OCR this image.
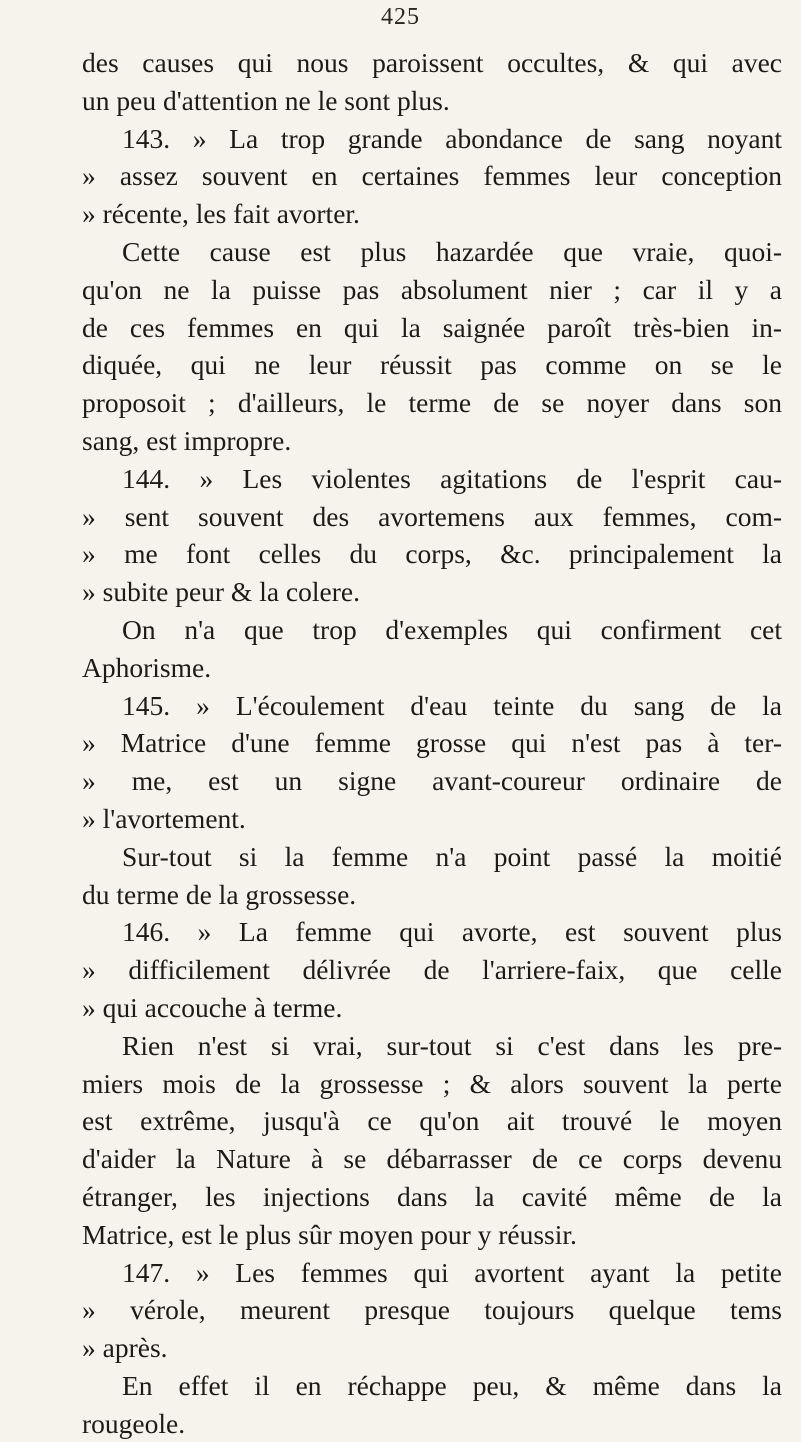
425
des causes qui nous paroissent occultes, & qui avec
un peu d'attention ne le sont plus.
143. » La trop grande abondance de sang noyant
» assez souvent en certaines femmes leur conception
» récente, les fait avorter.
Cette cause est plus hazardée que vraie, quoi-
qu'on ne la puisse pas absolument nier ; car il y a
de ces femmes en qui la saignée paroît très-bien in-
diquée, qui ne leur réussit pas comme on se le
proposoit ; d'ailleurs, le terme de se noyer dans son
sang, est impropre.
144. » Les violentes agitations de l'esprit cau-
» sent souvent des avortemens aux femmes, com-
» me font celles du corps, &c. principalement la
» subite peur & la colere.
On n'a que trop d'exemples qui confirment cet
Aphorisme.
145. » L'écoulement d'eau teinte du sang de la
» Matrice d'une femme grosse qui n'est pas à ter-
» me, est un signe avant-coureur ordinaire de
» l'avortement.
Sur-tout si la femme n'a point passé la moitié
du terme de la grossesse.
146. » La femme qui avorte, est souvent plus
» difficilement délivrée de l'arriere-faix, que celle
» qui accouche à terme.
Rien n'est si vrai, sur-tout si c'est dans les pre-
miers mois de la grossesse ; & alors souvent la perte
est extrême, jusqu'à ce qu'on ait trouvé le moyen
d'aider la Nature à se débarrasser de ce corps devenu
étranger, les injections dans la cavité même de la
Matrice, est le plus sûr moyen pour y réussir.
147. » Les femmes qui avortent ayant la petite
» vérole, meurent presque toujours quelque tems
» après.
En effet il en réchappe peu, & même dans la
rougeole.
